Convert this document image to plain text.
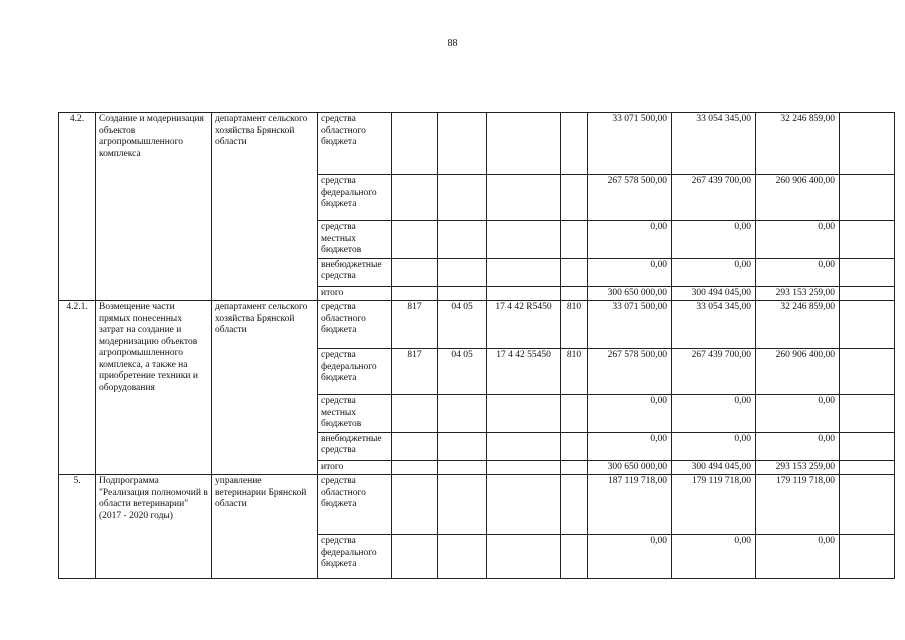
88
4.2.	Создание и модернизация объектов агропромышленного комплекса	департамент сельского хозяйства Брянской области	средства областного бюджета					33 071 500,00	33 054 345,00	32 246 859,00	
			средства федерального бюджета					267 578 500,00	267 439 700,00	260 906 400,00	
			средства местных бюджетов					0,00	0,00	0,00	
			внебюджетные средства					0,00	0,00	0,00	
			итого					300 650 000,00	300 494 045,00	293 153 259,00	
4.2.1.	Возмещение части прямых понесенных затрат на создание и модернизацию объектов агропромышленного комплекса, а также на приобретение техники и оборудования	департамент сельского хозяйства Брянской области	средства областного бюджета	817	04 05	17 4 42 R5450	810	33 071 500,00	33 054 345,00	32 246 859,00	
			средства федерального бюджета	817	04 05	17 4 42 55450	810	267 578 500,00	267 439 700,00	260 906 400,00	
			средства местных бюджетов					0,00	0,00	0,00	
			внебюджетные средства					0,00	0,00	0,00	
			итого					300 650 000,00	300 494 045,00	293 153 259,00	
5.	Подпрограмма "Реализация полномочий в области ветеринарии" (2017 - 2020 годы)	управление ветеринарии Брянской области	средства областного бюджета					187 119 718,00	179 119 718,00	179 119 718,00	
			средства федерального бюджета					0,00	0,00	0,00	
